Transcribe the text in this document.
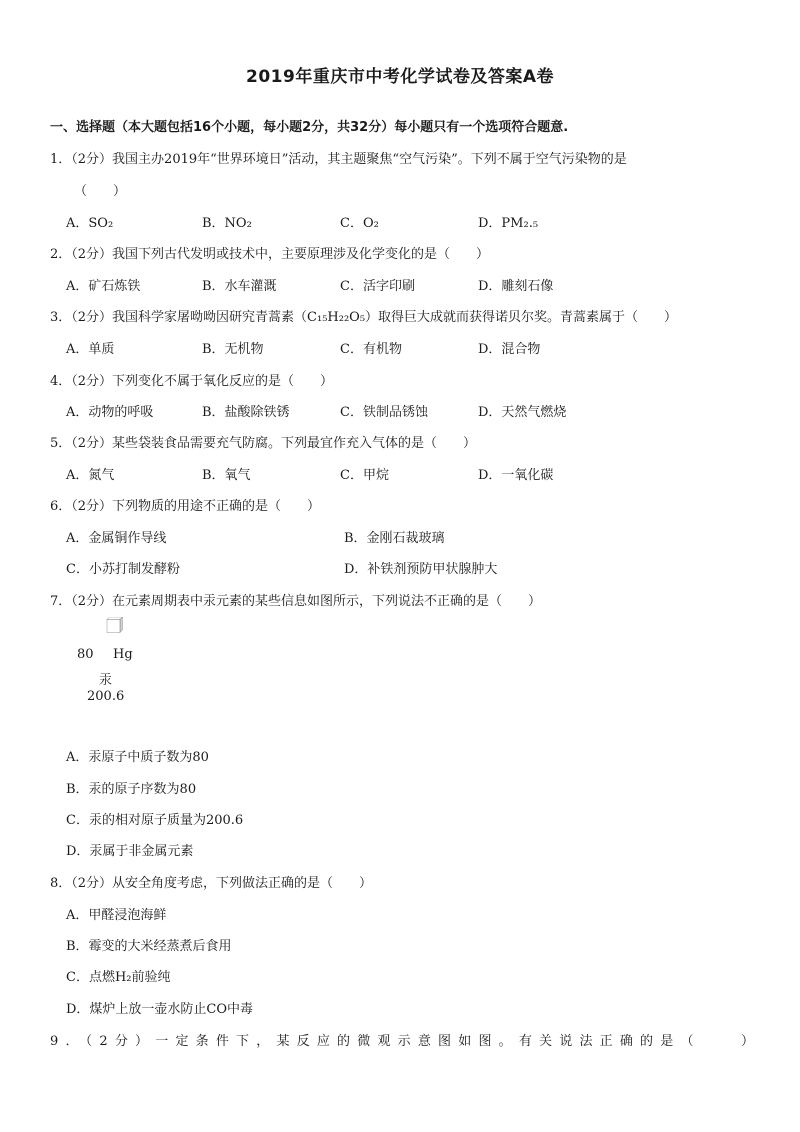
2019年重庆市中考化学试卷及答案A卷
一、选择题（本大题包括16个小题，每小题2分，共32分）每小题只有一个选项符合题意.
1．（2分）我国主办2019年“世界环境日”活动，其主题聚焦“空气污染”。下列不属于空气污染物的是
（　　）
A．SO₂	B．NO₂	C．O₂	D．PM₂.₅
2．（2分）我国下列古代发明或技术中，主要原理涉及化学变化的是（　　）
A．矿石炼铁	B．水车灌溉	C．活字印刷	D．雕刻石像
3．（2分）我国科学家屠呦呦因研究青蒿素（C₁₅H₂₂O₅）取得巨大成就而获得诺贝尔奖。青蒿素属于（　　）
A．单质	B．无机物	C．有机物	D．混合物
4．（2分）下列变化不属于氧化反应的是（　　）
A．动物的呼吸	B．盐酸除铁锈	C．铁制品锈蚀	D．天然气燃烧
5．（2分）某些袋装食品需要充气防腐。下列最宜作充入气体的是（　　）
A．氮气	B．氧气	C．甲烷	D．一氧化碳
6．（2分）下列物质的用途不正确的是（　　）
A．金属铜作导线	B．金刚石裁玻璃
C．小苏打制发酵粉	D．补铁剂预防甲状腺肿大
7．（2分）在元素周期表中汞元素的某些信息如图所示，下列说法不正确的是（　　）
80 Hg
汞
200.6
A．汞原子中质子数为80
B．汞的原子序数为80
C．汞的相对原子质量为200.6
D．汞属于非金属元素
8．（2分）从安全角度考虑，下列做法正确的是（　　）
A．甲醛浸泡海鲜
B．霉变的大米经蒸煮后食用
C．点燃H₂前验纯
D．煤炉上放一壶水防止CO中毒
9．（2分）一定条件下，某反应的微观示意图如图。有关说法正确的是（　　）
